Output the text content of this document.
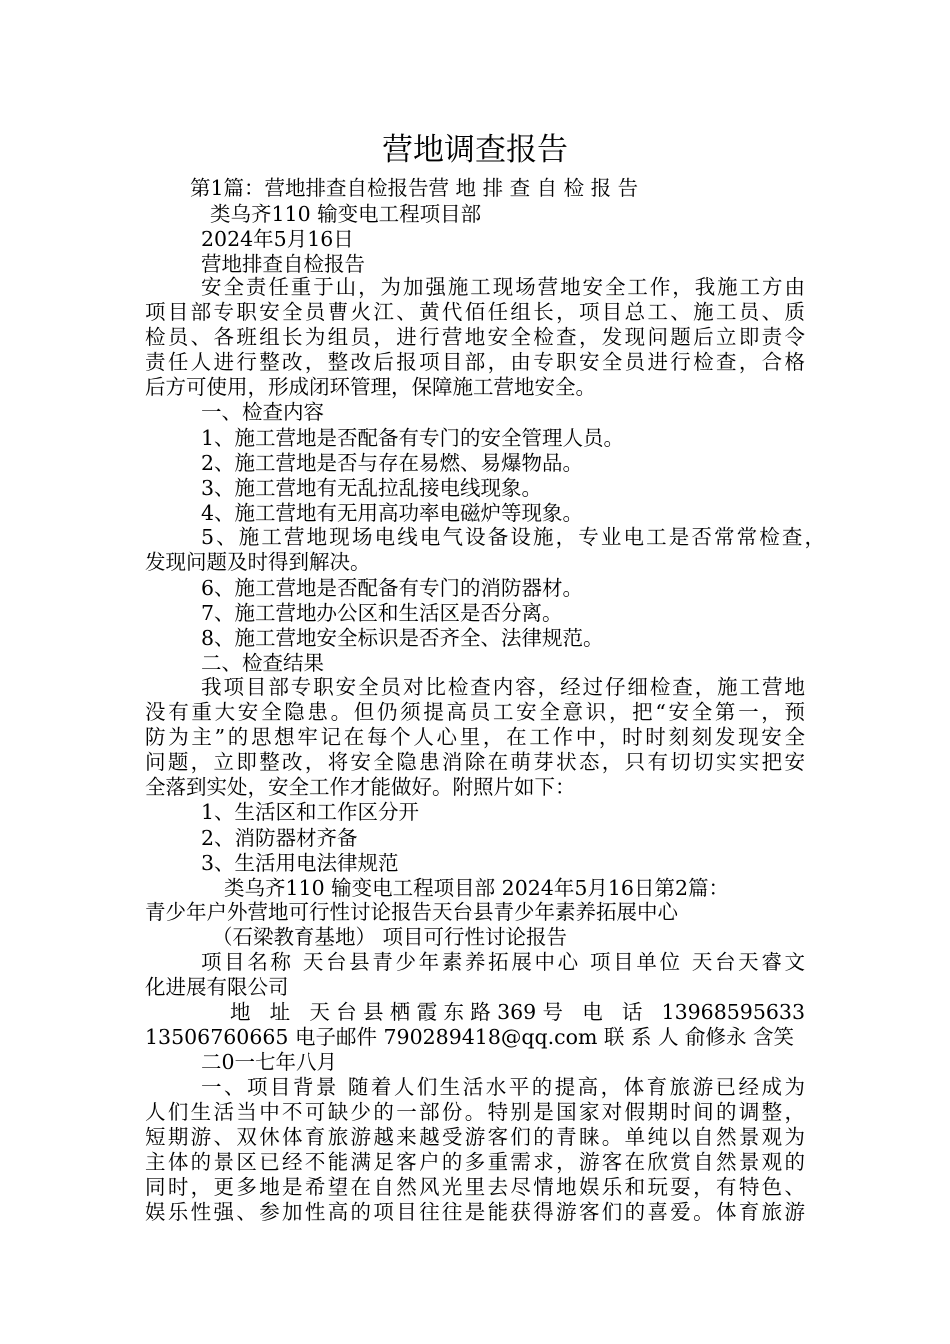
营地调查报告
第1篇：营地排查自检报告营 地 排 查 自 检 报 告
类乌齐110 输变电工程项目部
2024年5月16日
营地排查自检报告
安全责任重于山，为加强施工现场营地安全工作，我施工方由
项目部专职安全员曹火江、黄代佰任组长，项目总工、施工员、质
检员、各班组长为组员，进行营地安全检查，发现问题后立即责令
责任人进行整改，整改后报项目部，由专职安全员进行检查，合格
后方可使用，形成闭环管理，保障施工营地安全。
一、检查内容
1、施工营地是否配备有专门的安全管理人员。
2、施工营地是否与存在易燃、易爆物品。
3、施工营地有无乱拉乱接电线现象。
4、施工营地有无用高功率电磁炉等现象。
5、施工营地现场电线电气设备设施，专业电工是否常常检查，
发现问题及时得到解决。
6、施工营地是否配备有专门的消防器材。
7、施工营地办公区和生活区是否分离。
8、施工营地安全标识是否齐全、法律规范。
二、检查结果
我项目部专职安全员对比检查内容，经过仔细检查，施工营地
没有重大安全隐患。但仍须提高员工安全意识，把“安全第一，预
防为主”的思想牢记在每个人心里，在工作中，时时刻刻发现安全
问题，立即整改，将安全隐患消除在萌芽状态，只有切切实实把安
全落到实处，安全工作才能做好。附照片如下：
1、生活区和工作区分开
2、消防器材齐备
3、生活用电法律规范
类乌齐110 输变电工程项目部 2024年5月16日第2篇：
青少年户外营地可行性讨论报告天台县青少年素养拓展中心
（石梁教育基地） 项目可行性讨论报告
项目名称 天台县青少年素养拓展中心 项目单位 天台天睿文
化进展有限公司
地 址 天台县栖霞东路369号 电 话 13968595633
13506760665 电子邮件 790289418@qq.com 联 系 人 俞修永 含笑
二0一七年八月
一、项目背景 随着人们生活水平的提高，体育旅游已经成为
人们生活当中不可缺少的一部份。特别是国家对假期时间的调整，
短期游、双休体育旅游越来越受游客们的青睐。单纯以自然景观为
主体的景区已经不能满足客户的多重需求，游客在欣赏自然景观的
同时，更多地是希望在自然风光里去尽情地娱乐和玩耍，有特色、
娱乐性强、参加性高的项目往往是能获得游客们的喜爱。体育旅游
